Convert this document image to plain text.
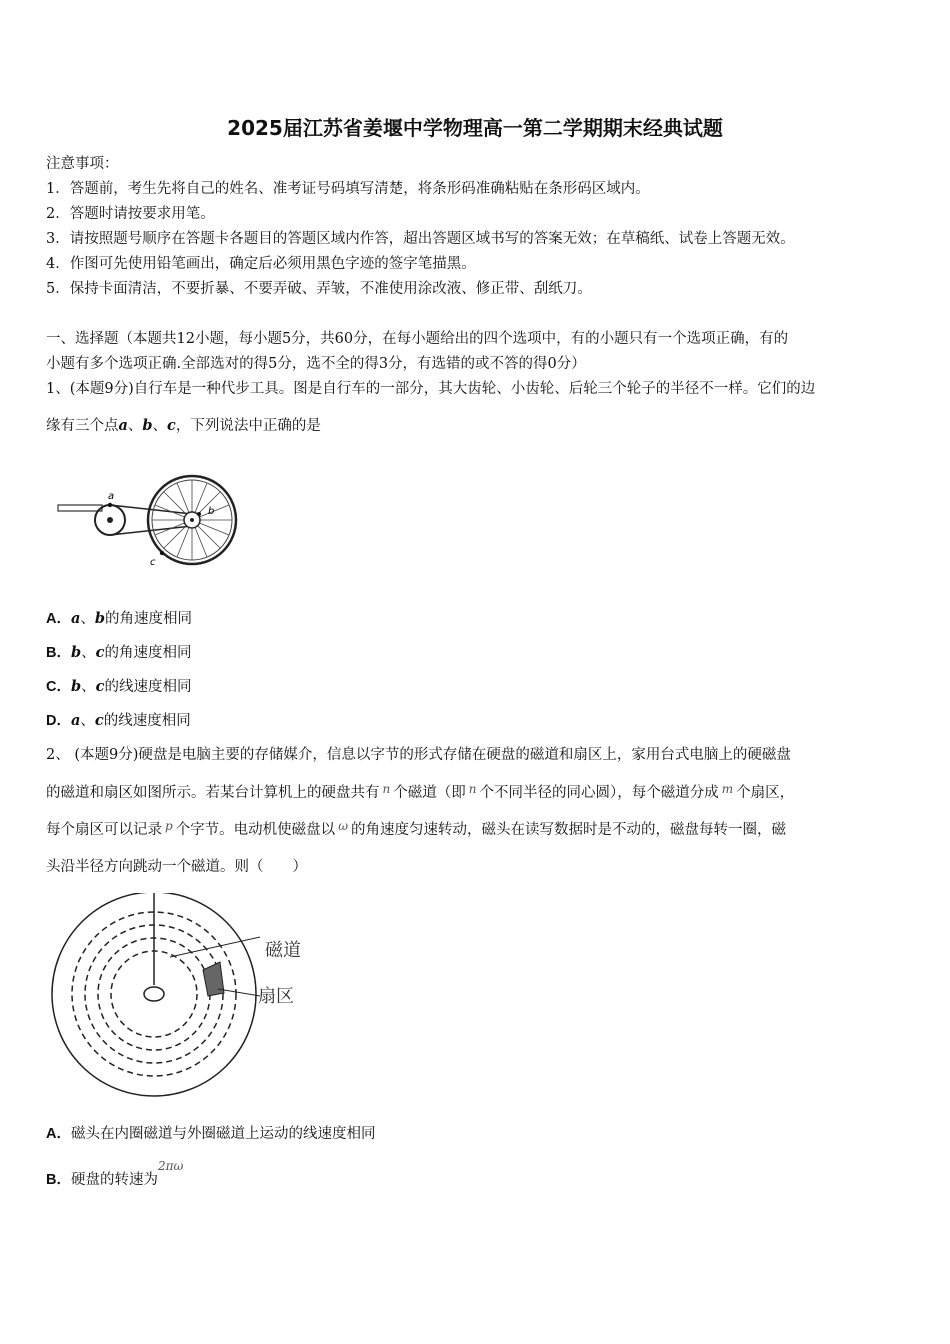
2025届江苏省姜堰中学物理高一第二学期期末经典试题
注意事项：
1．答题前，考生先将自己的姓名、准考证号码填写清楚，将条形码准确粘贴在条形码区域内。
2．答题时请按要求用笔。
3．请按照题号顺序在答题卡各题目的答题区域内作答，超出答题区域书写的答案无效；在草稿纸、试卷上答题无效。
4．作图可先使用铅笔画出，确定后必须用黑色字迹的签字笔描黑。
5．保持卡面清洁，不要折暴、不要弄破、弄皱，不准使用涂改液、修正带、刮纸刀。
一、选择题（本题共12小题，每小题5分，共60分，在每小题给出的四个选项中，有的小题只有一个选项正确，有的
小题有多个选项正确.全部选对的得5分，选不全的得3分，有选错的或不答的得0分）
1、(本题9分)自行车是一种代步工具。图是自行车的一部分，其大齿轮、小齿轮、后轮三个轮子的半径不一样。它们的边
缘有三个点a、b、c，下列说法中正确的是
a
b
c
A．a、b的角速度相同
B．b、c的角速度相同
C．b、c的线速度相同
D．a、c的线速度相同
2、 (本题9分)硬盘是电脑主要的存储媒介，信息以字节的形式存储在硬盘的磁道和扇区上，家用台式电脑上的硬磁盘
的磁道和扇区如图所示。若某台计算机上的硬盘共有 $^n$ 个磁道（即 $^n$ 个不同半径的同心圆），每个磁道分成 $^m$ 个扇区，
每个扇区可以记录 $^p$ 个字节。电动机使磁盘以 $^\omega$ 的角速度匀速转动，磁头在读写数据时是不动的，磁盘每转一圈，磁
头沿半径方向跳动一个磁道。则（　　）
磁道
扇区
A．磁头在内圈磁道与外圈磁道上运动的线速度相同
B．硬盘的转速为$^{2\pi\omega}$
